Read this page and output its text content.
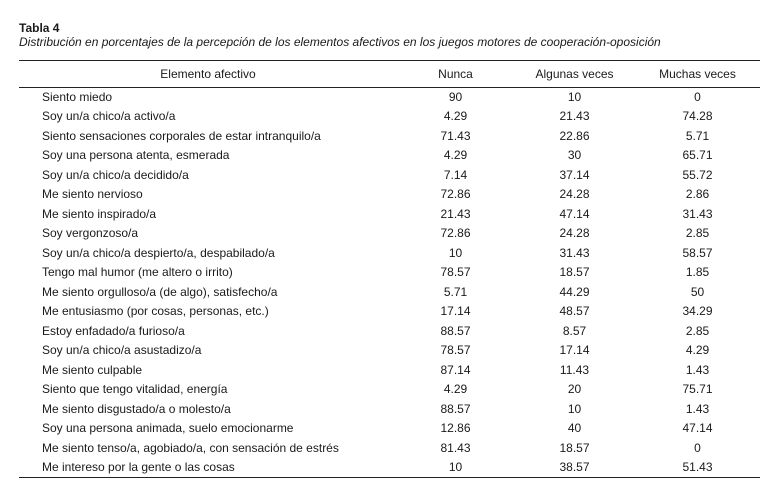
Tabla 4
Distribución en porcentajes de la percepción de los elementos afectivos en los juegos motores de cooperación-oposición
Elemento afectivo	Nunca	Algunas veces	Muchas veces
Siento miedo	90	10	0
Soy un/a chico/a activo/a	4.29	21.43	74.28
Siento sensaciones corporales de estar intranquilo/a	71.43	22.86	5.71
Soy una persona atenta, esmerada	4.29	30	65.71
Soy un/a chico/a decidido/a	7.14	37.14	55.72
Me siento nervioso	72.86	24.28	2.86
Me siento inspirado/a	21.43	47.14	31.43
Soy vergonzoso/a	72.86	24.28	2.85
Soy un/a chico/a despierto/a, despabilado/a	10	31.43	58.57
Tengo mal humor (me altero o irrito)	78.57	18.57	1.85
Me siento orgulloso/a (de algo), satisfecho/a	5.71	44.29	50
Me entusiasmo (por cosas, personas, etc.)	17.14	48.57	34.29
Estoy enfadado/a furioso/a	88.57	8.57	2.85
Soy un/a chico/a asustadizo/a	78.57	17.14	4.29
Me siento culpable	87.14	11.43	1.43
Siento que tengo vitalidad, energía	4.29	20	75.71
Me siento disgustado/a o molesto/a	88.57	10	1.43
Soy una persona animada, suelo emocionarme	12.86	40	47.14
Me siento tenso/a, agobiado/a, con sensación de estrés	81.43	18.57	0
Me intereso por la gente o las cosas	10	38.57	51.43
